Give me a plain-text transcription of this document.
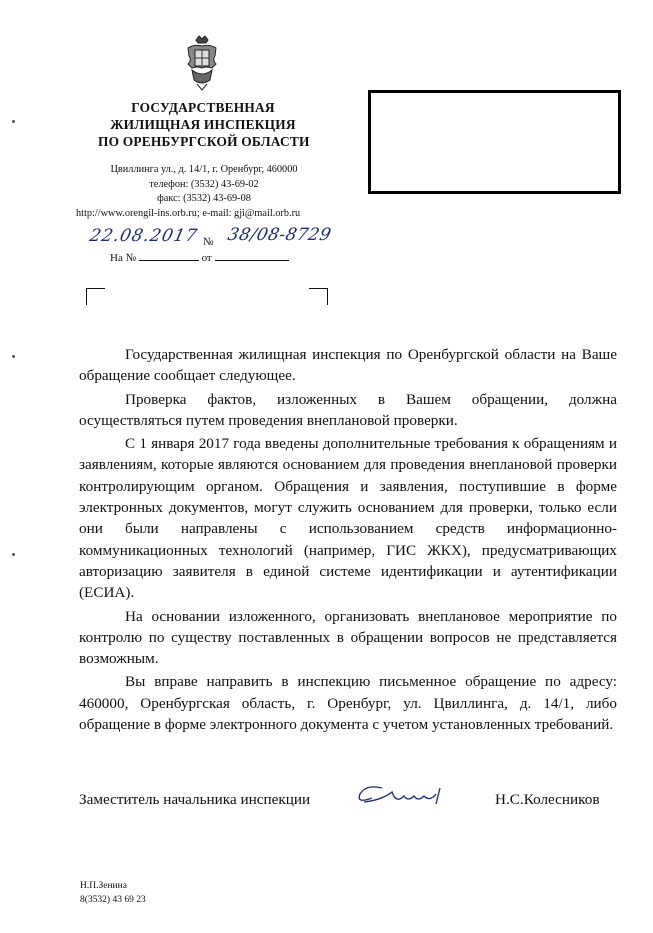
ГОСУДАРСТВЕННАЯ
ЖИЛИЩНАЯ ИНСПЕКЦИЯ
ПО ОРЕНБУРГСКОЙ ОБЛАСТИ
Цвиллинга ул., д. 14/1, г. Оренбург, 460000
телефон: (3532) 43-69-02
факс: (3532) 43-69-08
http://www.orengil-ins.orb.ru; e-mail: gji@mail.orb.ru
22.08.2017 № 38/08-8729
На №	от

Государственная жилищная инспекция по Оренбургской области на Ваше обращение сообщает следующее.

Проверка фактов, изложенных в Вашем обращении, должна осуществляться путем проведения внеплановой проверки.

С 1 января 2017 года введены дополнительные требования к обращениям и заявлениям, которые являются основанием для проведения внеплановой проверки контролирующим органом. Обращения и заявления, поступившие в форме электронных документов, могут служить основанием для проверки, только если они были направлены с использованием средств информационно-коммуникационных технологий (например, ГИС ЖКХ), предусматривающих авторизацию заявителя в единой системе идентификации и аутентификации (ЕСИА).

На основании изложенного, организовать внеплановое мероприятие по контролю по существу поставленных в обращении вопросов не представляется возможным.

Вы вправе направить в инспекцию письменное обращение по адресу: 460000, Оренбургская область, г. Оренбург, ул. Цвиллинга, д. 14/1, либо обращение в форме электронного документа с учетом установленных требований.

Заместитель начальника инспекции	Н.С.Колесников
Н.П.Зенина
8(3532) 43 69 23
